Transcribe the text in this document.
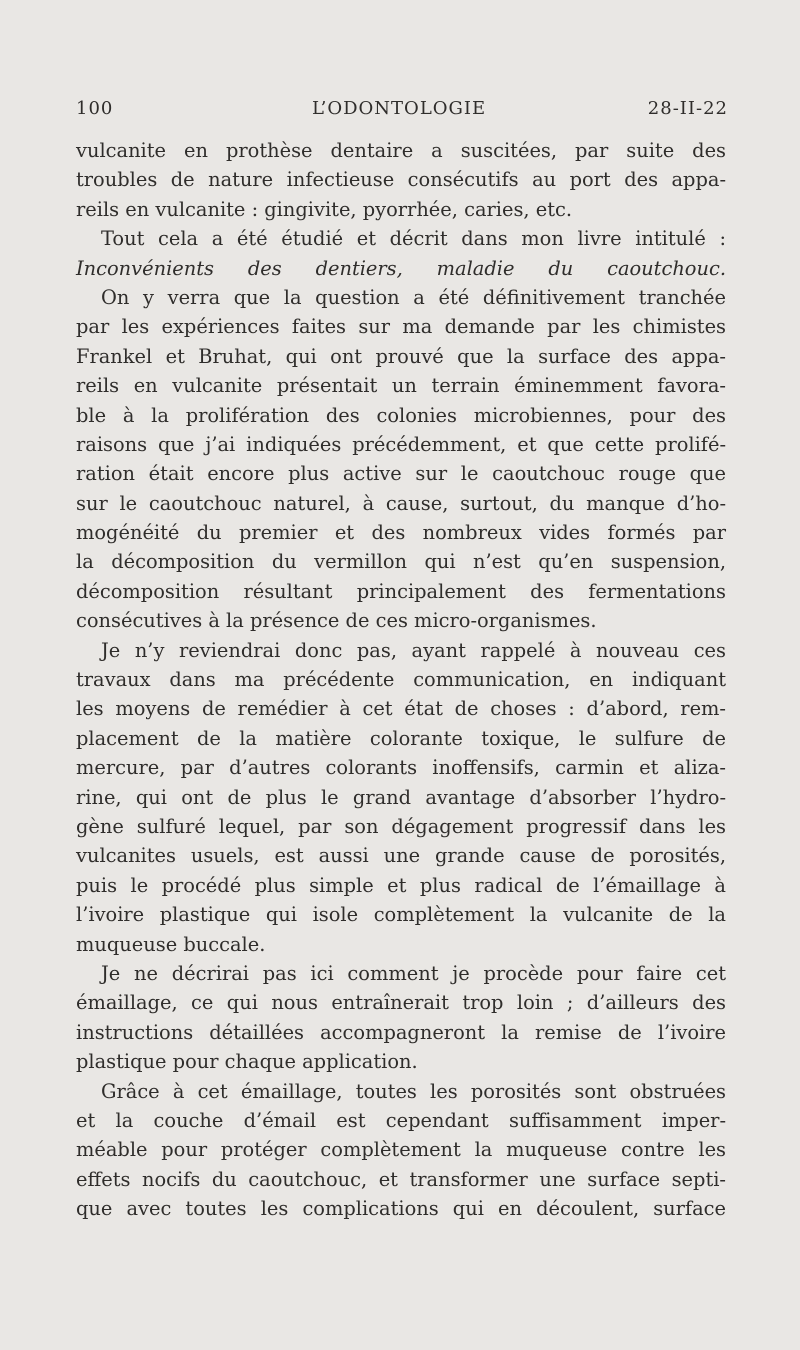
100	L’ODONTOLOGIE	28-II-22
vulcanite en prothèse dentaire a suscitées, par suite des
troubles de nature infectieuse consécutifs au port des appa-
reils en vulcanite : gingivite, pyorrhée, caries, etc.
Tout cela a été étudié et décrit dans mon livre intitulé :
Inconvénients des dentiers, maladie du caoutchouc.
On y verra que la question a été définitivement tranchée
par les expériences faites sur ma demande par les chimistes
Frankel et Bruhat, qui ont prouvé que la surface des appa-
reils en vulcanite présentait un terrain éminemment favora-
ble à la prolifération des colonies microbiennes, pour des
raisons que j’ai indiquées précédemment, et que cette prolifé-
ration était encore plus active sur le caoutchouc rouge que
sur le caoutchouc naturel, à cause, surtout, du manque d’ho-
mogénéité du premier et des nombreux vides formés par
la décomposition du vermillon qui n’est qu’en suspension,
décomposition résultant principalement des fermentations
consécutives à la présence de ces micro-organismes.
Je n’y reviendrai donc pas, ayant rappelé à nouveau ces
travaux dans ma précédente communication, en indiquant
les moyens de remédier à cet état de choses : d’abord, rem-
placement de la matière colorante toxique, le sulfure de
mercure, par d’autres colorants inoffensifs, carmin et aliza-
rine, qui ont de plus le grand avantage d’absorber l’hydro-
gène sulfuré lequel, par son dégagement progressif dans les
vulcanites usuels, est aussi une grande cause de porosités,
puis le procédé plus simple et plus radical de l’émaillage à
l’ivoire plastique qui isole complètement la vulcanite de la
muqueuse buccale.
Je ne décrirai pas ici comment je procède pour faire cet
émaillage, ce qui nous entraînerait trop loin ; d’ailleurs des
instructions détaillées accompagneront la remise de l’ivoire
plastique pour chaque application.
Grâce à cet émaillage, toutes les porosités sont obstruées
et la couche d’émail est cependant suffisamment imper-
méable pour protéger complètement la muqueuse contre les
effets nocifs du caoutchouc, et transformer une surface septi-
que avec toutes les complications qui en découlent, surface
